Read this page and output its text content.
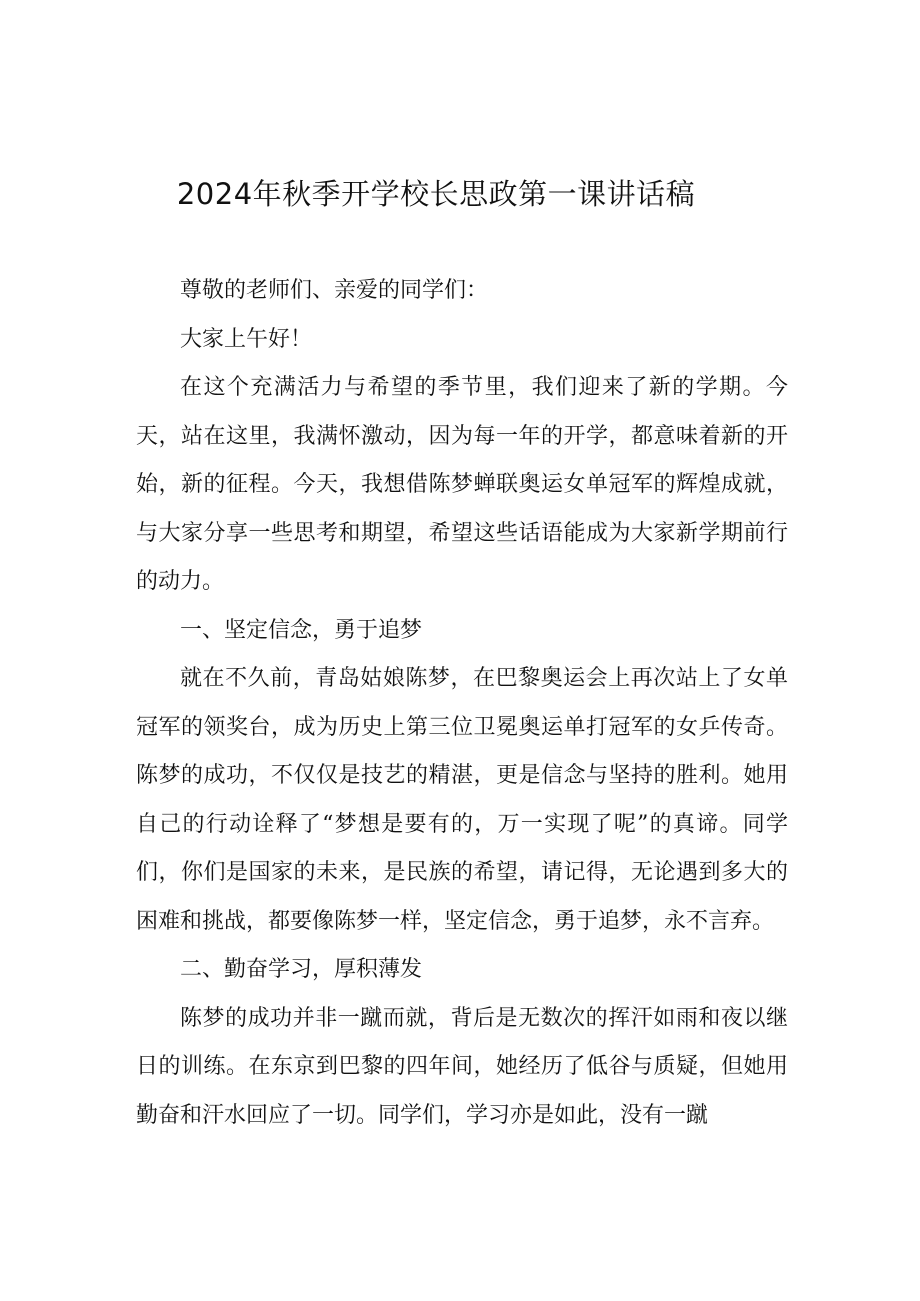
2024年秋季开学校长思政第一课讲话稿

尊敬的老师们、亲爱的同学们：

大家上午好！

在这个充满活力与希望的季节里，我们迎来了新的学期。今天，站在这里，我满怀激动，因为每一年的开学，都意味着新的开始，新的征程。今天，我想借陈梦蝉联奥运女单冠军的辉煌成就，与大家分享一些思考和期望，希望这些话语能成为大家新学期前行的动力。

一、坚定信念，勇于追梦

就在不久前，青岛姑娘陈梦，在巴黎奥运会上再次站上了女单冠军的领奖台，成为历史上第三位卫冕奥运单打冠军的女乒传奇。陈梦的成功，不仅仅是技艺的精湛，更是信念与坚持的胜利。她用自己的行动诠释了“梦想是要有的，万一实现了呢”的真谛。同学们，你们是国家的未来，是民族的希望，请记得，无论遇到多大的困难和挑战，都要像陈梦一样，坚定信念，勇于追梦，永不言弃。

二、勤奋学习，厚积薄发

陈梦的成功并非一蹴而就，背后是无数次的挥汗如雨和夜以继日的训练。在东京到巴黎的四年间，她经历了低谷与质疑，但她用勤奋和汗水回应了一切。同学们，学习亦是如此，没有一蹴
